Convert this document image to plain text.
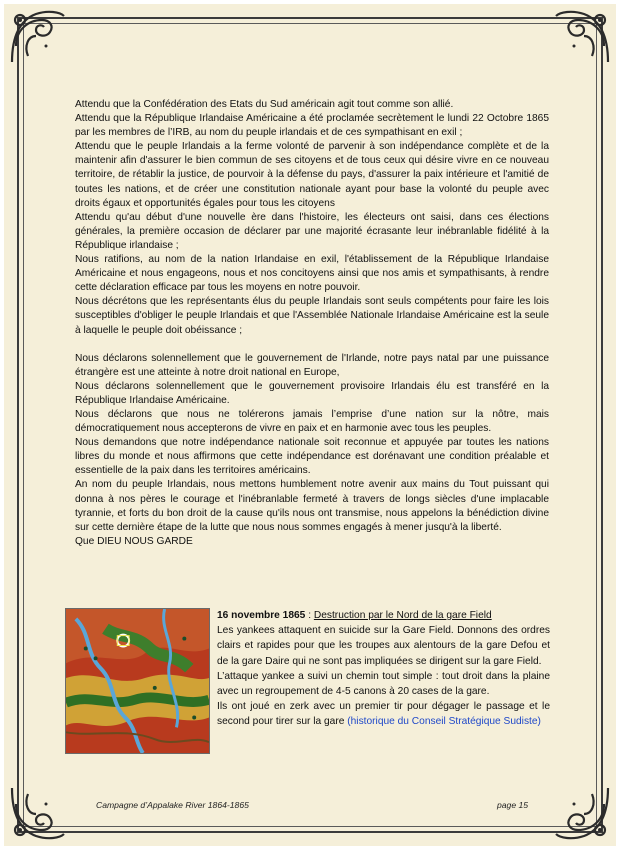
Attendu que la Confédération des Etats du Sud américain agit tout comme son allié.

Attendu que la République Irlandaise Américaine a été proclamée secrètement le lundi 22 Octobre 1865 par les membres de l’IRB, au nom du peuple irlandais et de ces sympathisant en exil ;

Attendu que le peuple Irlandais a la ferme volonté de parvenir à son indépendance complète et de la maintenir afin d'assurer le bien commun de ses citoyens et de tous ceux qui désire vivre en ce nouveau territoire, de rétablir la justice, de pourvoir à la défense du pays, d'assurer la paix intérieure et l'amitié de toutes les nations, et de créer une constitution nationale ayant pour base la volonté du peuple avec droits égaux et opportunités égales pour tous les citoyens

Attendu qu'au début d'une nouvelle ère dans l'histoire, les électeurs ont saisi, dans ces élections générales, la première occasion de déclarer par une majorité écrasante leur inébranlable fidélité à la République irlandaise ;

Nous ratifions, au nom de la nation Irlandaise en exil, l'établissement de la République Irlandaise Américaine et nous engageons, nous et nos concitoyens ainsi que nos amis et sympathisants, à rendre cette déclaration efficace par tous les moyens en notre pouvoir.

Nous décrétons que les représentants élus du peuple Irlandais sont seuls compétents pour faire les lois susceptibles d'obliger le peuple Irlandais et que l'Assemblée Nationale Irlandaise Américaine est la seule à laquelle le peuple doit obéissance ;

Nous déclarons solennellement que le gouvernement de l'Irlande, notre pays natal par une puissance étrangère est une atteinte à notre droit national en Europe,

Nous déclarons solennellement que le gouvernement provisoire Irlandais élu est transféré en la République Irlandaise Américaine.

Nous déclarons que nous ne tolérerons jamais l’emprise d’une nation sur la nôtre, mais démocratiquement nous accepterons de vivre en paix et en harmonie avec tous les peuples.

Nous demandons que notre indépendance nationale soit reconnue et appuyée par toutes les nations libres du monde et nous affirmons que cette indépendance est dorénavant une condition préalable et essentielle de la paix dans les territoires américains.

An nom du peuple Irlandais, nous mettons humblement notre avenir aux mains du Tout puissant qui donna à nos pères le courage et l'inébranlable fermeté à travers de longs siècles d'une implacable tyrannie, et forts du bon droit de la cause qu'ils nous ont transmise, nous appelons la bénédiction divine sur cette dernière étape de la lutte que nous nous sommes engagés à mener jusqu'à la liberté.

Que DIEU NOUS GARDE

16 novembre 1865 : Destruction par le Nord de la gare Field

Les yankees attaquent en suicide sur la Gare Field. Donnons des ordres clairs et rapides pour que les troupes aux alentours de la gare Defou et de la gare Daire qui ne sont pas impliquées se dirigent sur la gare Field.

L’attaque yankee a suivi un chemin tout simple : tout droit dans la plaine avec un regroupement de 4-5 canons à 20 cases de la gare.

Ils ont joué en zerk avec un premier tir pour dégager le passage et le second pour tirer sur la gare (historique du Conseil Stratégique Sudiste)

Campagne d’Appalake River 1864-1865	page 15
